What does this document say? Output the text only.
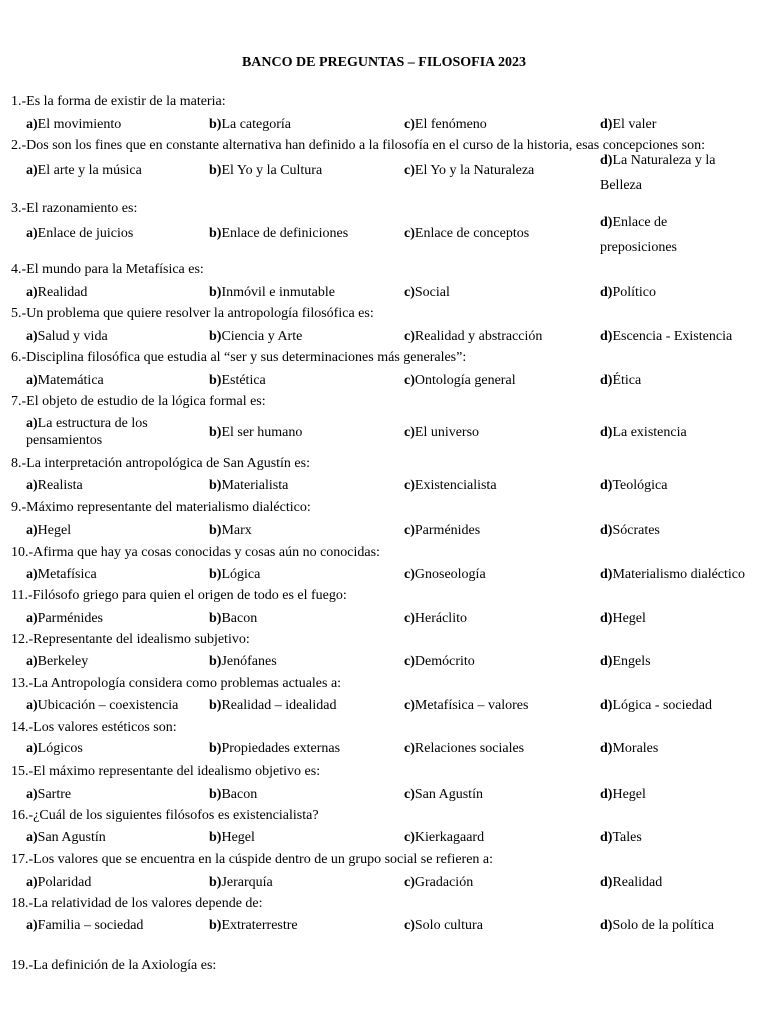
BANCO DE PREGUNTAS – FILOSOFIA 2023
1.-Es la forma de existir de la materia:
a)El movimiento	b)La categoría	c)El fenómeno	d)El valer
2.-Dos son los fines que en constante alternativa han definido a la filosofía en el curso de la historia, esas concepciones son:
a)El arte y la música	b)El Yo y la Cultura	c)El Yo y la Naturaleza
d)La Naturaleza y la Belleza
3.-El razonamiento es:
a)Enlace de juicios	b)Enlace de definiciones	c)Enlace de conceptos
d)Enlace de preposiciones
4.-El mundo para la Metafísica es:
a)Realidad	b)Inmóvil e inmutable	c)Social	d)Político
5.-Un problema que quiere resolver la antropología filosófica es:
a)Salud y vida	b)Ciencia y Arte	c)Realidad y abstracción	d)Escencia - Existencia
6.-Disciplina filosófica que estudia al “ser y sus determinaciones más generales”:
a)Matemática	b)Estética	c)Ontología general	d)Ética
7.-El objeto de estudio de la lógica formal es:
a)La estructura de los pensamientos
b)El ser humano	c)El universo	d)La existencia
8.-La interpretación antropológica de San Agustín es:
a)Realista	b)Materialista	c)Existencialista	d)Teológica
9.-Máximo representante del materialismo dialéctico:
a)Hegel	b)Marx	c)Parménides	d)Sócrates
10.-Afirma que hay ya cosas conocidas y cosas aún no conocidas:
a)Metafísica	b)Lógica	c)Gnoseología	d)Materialismo dialéctico
11.-Filósofo griego para quien el origen de todo es el fuego:
a)Parménides	b)Bacon	c)Heráclito	d)Hegel
12.-Representante del idealismo subjetivo:
a)Berkeley	b)Jenófanes	c)Demócrito	d)Engels
13.-La Antropología considera como problemas actuales a:
a)Ubicación – coexistencia b)Realidad – idealidad	c)Metafísica – valores	d)Lógica - sociedad
14.-Los valores estéticos son:
a)Lógicos	b)Propiedades externas	c)Relaciones sociales	d)Morales
15.-El máximo representante del idealismo objetivo es:
a)Sartre	b)Bacon	c)San Agustín	d)Hegel
16.-¿Cuál de los siguientes filósofos es existencialista?
a)San Agustín	b)Hegel	c)Kierkagaard	d)Tales
17.-Los valores que se encuentra en la cúspide dentro de un grupo social se refieren a:
a)Polaridad	b)Jerarquía	c)Gradación	d)Realidad
18.-La relatividad de los valores depende de:
a)Familia – sociedad	b)Extraterrestre	c)Solo cultura	d)Solo de la política
19.-La definición de la Axiología es:
